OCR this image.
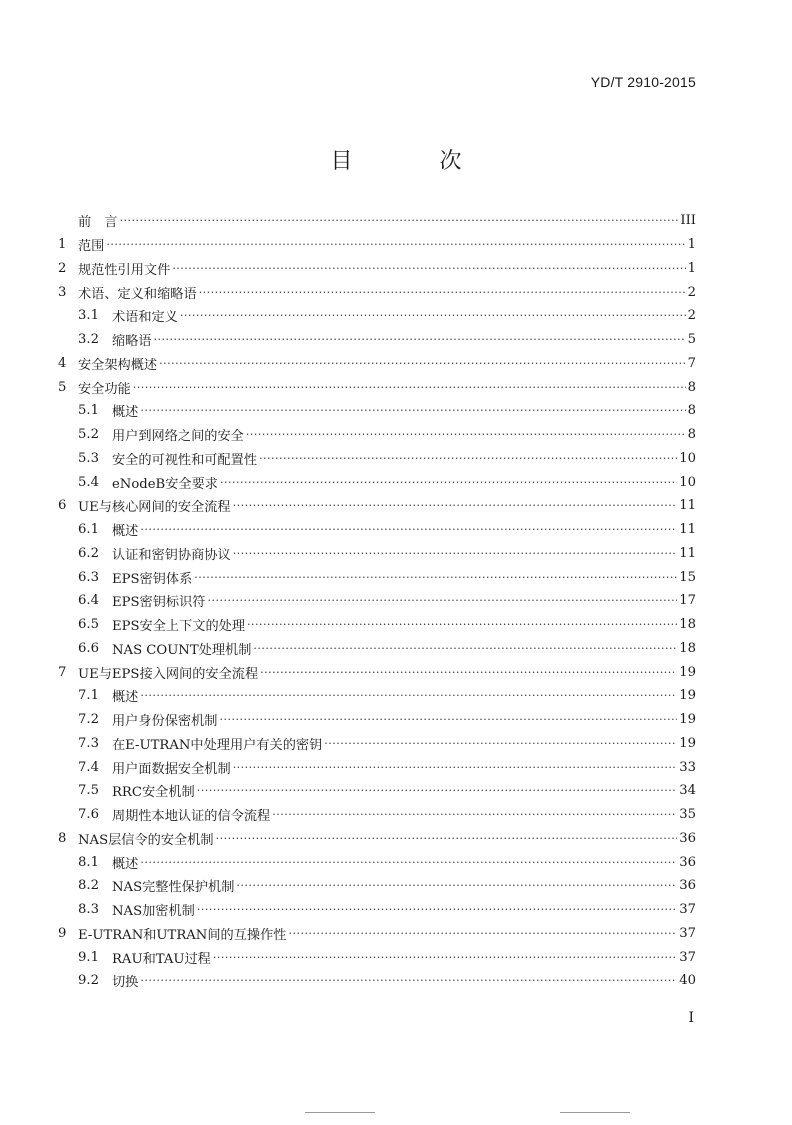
YD/T 2910-2015
目 次
前　言 ·····	III
1 范围 ·····	1
2 规范性引用文件 ·····	1
3 术语、定义和缩略语 ·····	2
3.1 术语和定义 ·····	2
3.2 缩略语 ·····	5
4 安全架构概述 ·····	7
5 安全功能 ·····	8
5.1 概述 ·····	8
5.2 用户到网络之间的安全 ·····	8
5.3 安全的可视性和可配置性 ·····	10
5.4 eNodeB安全要求 ·····	10
6 UE与核心网间的安全流程 ·····	11
6.1 概述 ·····	11
6.2 认证和密钥协商协议 ·····	11
6.3 EPS密钥体系 ·····	15
6.4 EPS密钥标识符 ·····	17
6.5 EPS安全上下文的处理 ·····	18
6.6 NAS COUNT处理机制 ·····	18
7 UE与EPS接入网间的安全流程 ·····	19
7.1 概述 ·····	19
7.2 用户身份保密机制 ·····	19
7.3 在E-UTRAN中处理用户有关的密钥 ·····	19
7.4 用户面数据安全机制 ·····	33
7.5 RRC安全机制 ·····	34
7.6 周期性本地认证的信令流程 ·····	35
8 NAS层信令的安全机制 ·····	36
8.1 概述 ·····	36
8.2 NAS完整性保护机制 ·····	36
8.3 NAS加密机制 ·····	37
9 E-UTRAN和UTRAN间的互操作性 ·····	37
9.1 RAU和TAU过程 ·····	37
9.2 切换 ·····	40
I
